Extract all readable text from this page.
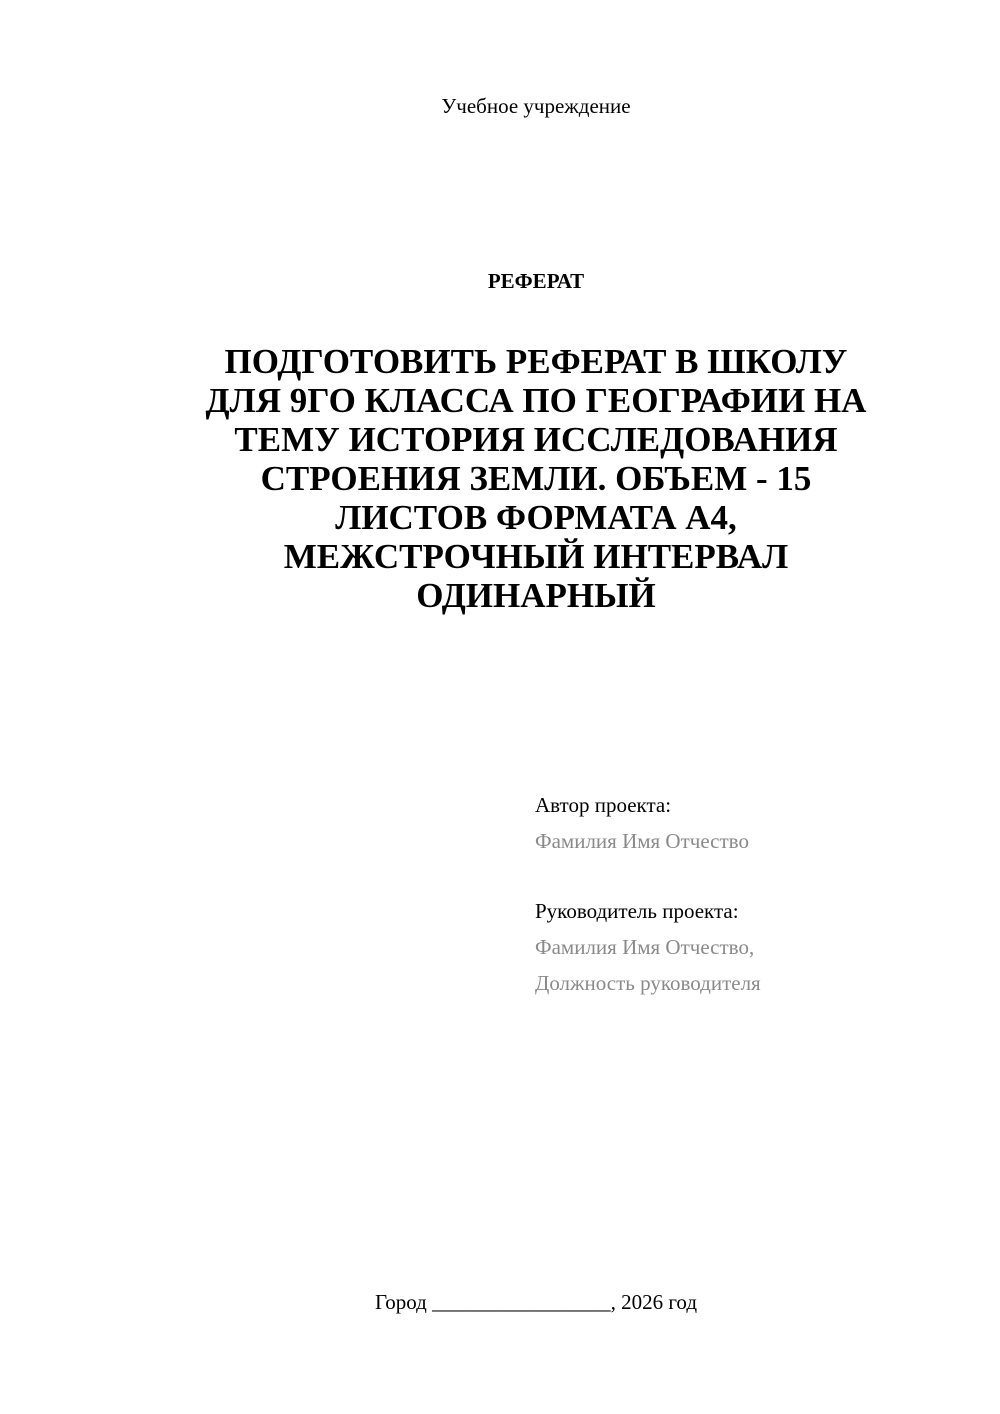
Учебное учреждение
РЕФЕРАТ
ПОДГОТОВИТЬ РЕФЕРАТ В ШКОЛУ
ДЛЯ 9ГО КЛАССА ПО ГЕОГРАФИИ НА
ТЕМУ ИСТОРИЯ ИССЛЕДОВАНИЯ
СТРОЕНИЯ ЗЕМЛИ. ОБЪЕМ - 15
ЛИСТОВ ФОРМАТА А4,
МЕЖСТРОЧНЫЙ ИНТЕРВАЛ
ОДИНАРНЫЙ
Автор проекта:
Фамилия Имя Отчество
Руководитель проекта:
Фамилия Имя Отчество,
Должность руководителя
Город _________________, 2026 год
